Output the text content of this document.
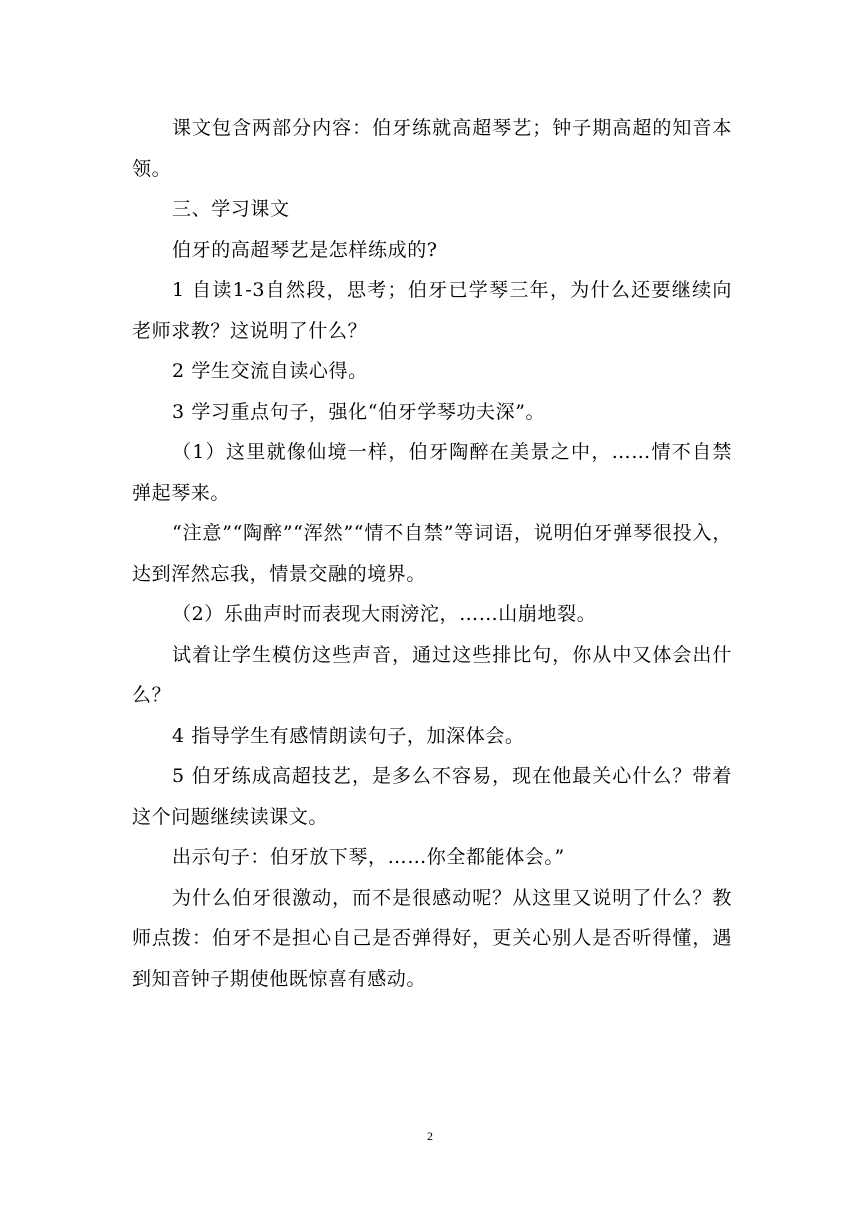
课文包含两部分内容：伯牙练就高超琴艺；钟子期高超的知音本领。

三、学习课文

伯牙的高超琴艺是怎样练成的?

1 自读1-3自然段，思考；伯牙已学琴三年，为什么还要继续向老师求教？这说明了什么？

2 学生交流自读心得。

3 学习重点句子，强化“伯牙学琴功夫深”。

（1）这里就像仙境一样，伯牙陶醉在美景之中，……情不自禁弹起琴来。

“注意”“陶醉”“浑然”“情不自禁”等词语，说明伯牙弹琴很投入，达到浑然忘我，情景交融的境界。

（2）乐曲声时而表现大雨滂沱，……山崩地裂。

试着让学生模仿这些声音，通过这些排比句，你从中又体会出什么？

4 指导学生有感情朗读句子，加深体会。

5 伯牙练成高超技艺，是多么不容易，现在他最关心什么？带着这个问题继续读课文。

出示句子：伯牙放下琴，……你全都能体会。”

为什么伯牙很激动，而不是很感动呢？从这里又说明了什么？教师点拨：伯牙不是担心自己是否弹得好，更关心别人是否听得懂，遇到知音钟子期使他既惊喜有感动。

2
